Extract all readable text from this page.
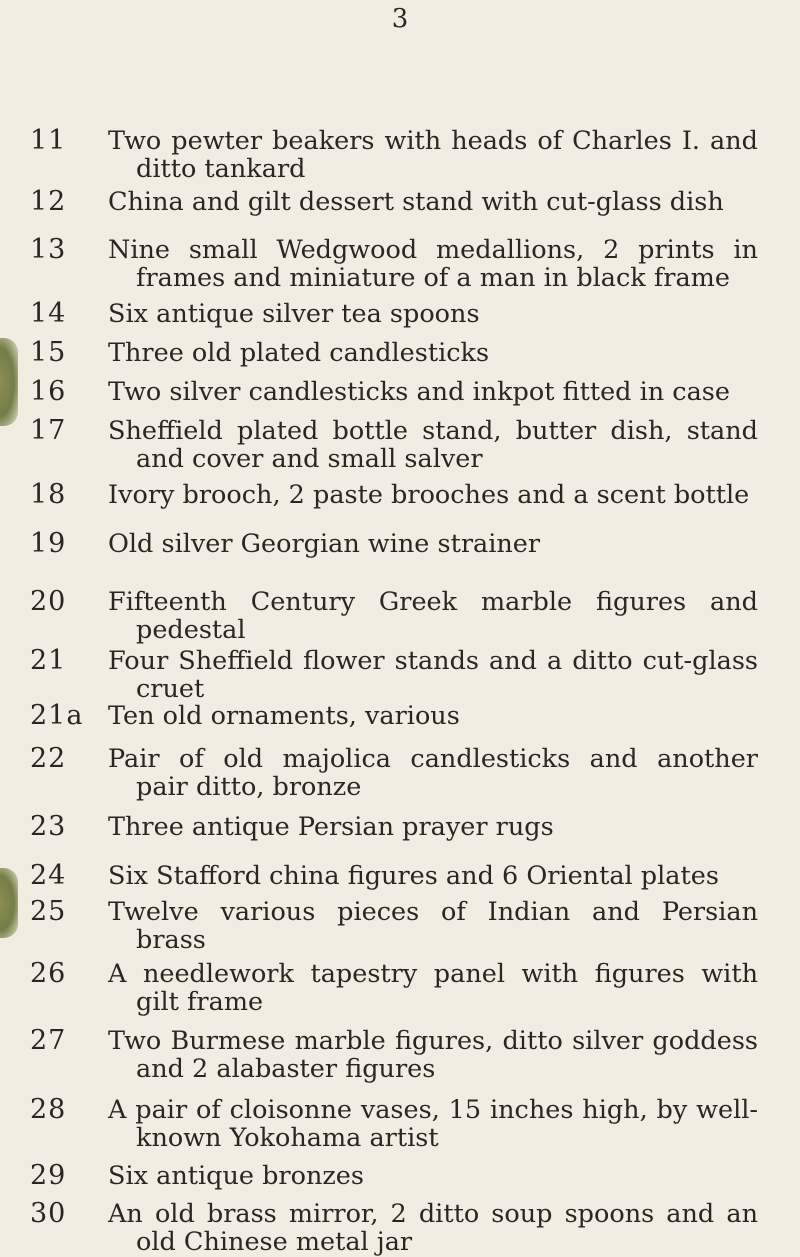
3
11	Two pewter beakers with heads of Charles I. and
ditto tankard
12	China and gilt dessert stand with cut-glass dish
13	Nine small Wedgwood medallions, 2 prints in
frames and miniature of a man in black frame
14	Six antique silver tea spoons
15	Three old plated candlesticks
16	Two silver candlesticks and inkpot fitted in case
17	Sheffield plated bottle stand, butter dish, stand
and cover and small salver
18	Ivory brooch, 2 paste brooches and a scent bottle
19	Old silver Georgian wine strainer
20	Fifteenth Century Greek marble figures and
pedestal
21	Four Sheffield flower stands and a ditto cut-glass
cruet
21a Ten old ornaments, various
22	Pair of old majolica candlesticks and another
pair ditto, bronze
23	Three antique Persian prayer rugs
24	Six Stafford china figures and 6 Oriental plates
25	Twelve various pieces of Indian and Persian
brass
26	A needlework tapestry panel with figures with
gilt frame
27	Two Burmese marble figures, ditto silver goddess
and 2 alabaster figures
28	A pair of cloisonne vases, 15 inches high, by well-
known Yokohama artist
29	Six antique bronzes
30	An old brass mirror, 2 ditto soup spoons and an
old Chinese metal jar
